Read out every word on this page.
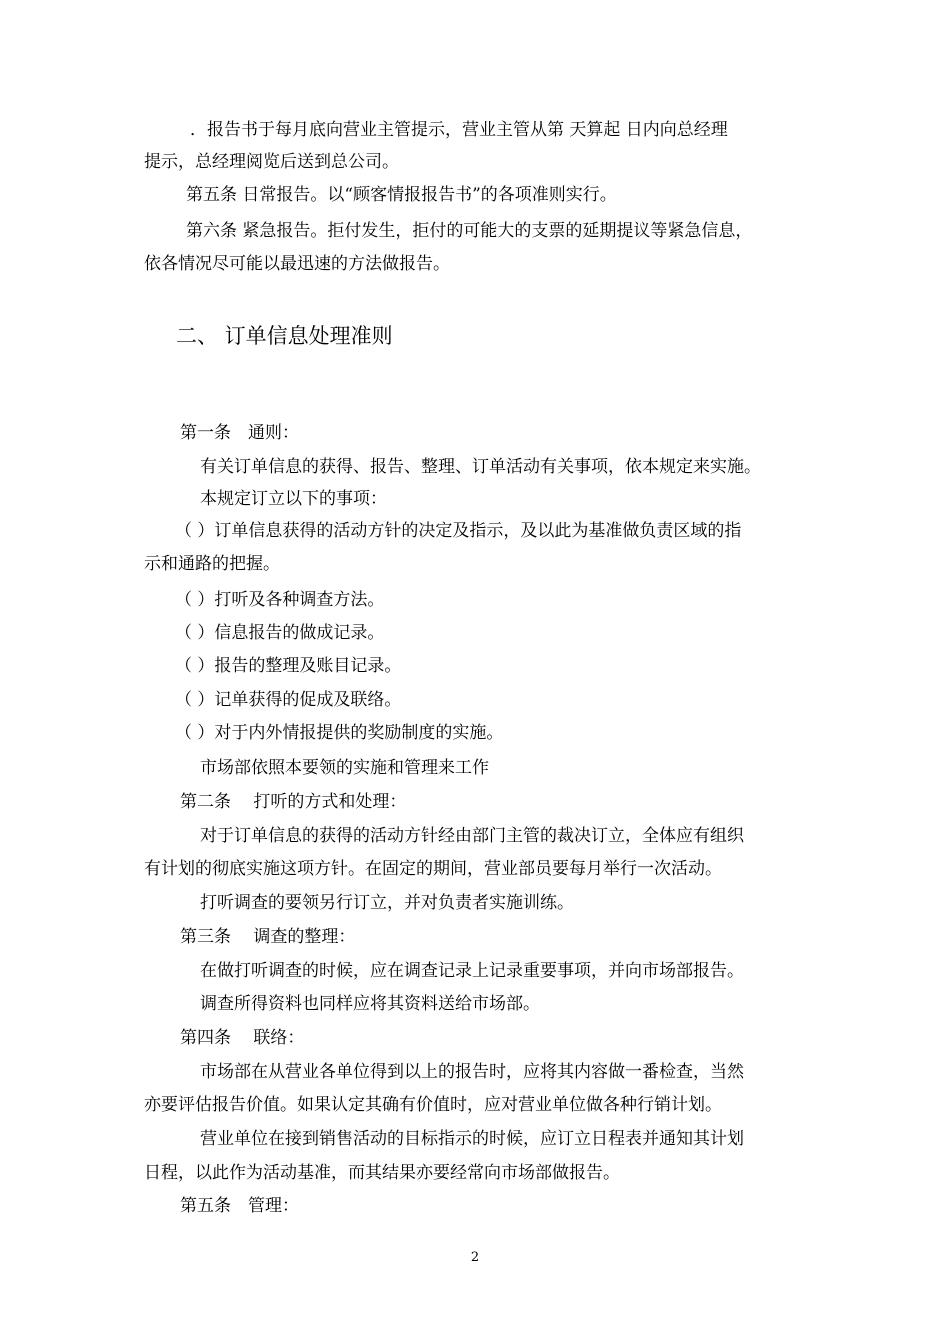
．报告书于每月底向营业主管提示，营业主管从第 天算起 日内向总经理
提示，总经理阅览后送到总公司。
第五条 日常报告。以“顾客情报报告书”的各项准则实行。
第六条 紧急报告。拒付发生，拒付的可能大的支票的延期提议等紧急信息，
依各情况尽可能以最迅速的方法做报告。
二、 订单信息处理准则
第一条　通则：
有关订单信息的获得、报告、整理、订单活动有关事项，依本规定来实施。
本规定订立以下的事项：
（ ）订单信息获得的活动方针的决定及指示，及以此为基准做负责区域的指
示和通路的把握。
（ ）打听及各种调查方法。
（ ）信息报告的做成记录。
（ ）报告的整理及账目记录。
（ ）记单获得的促成及联络。
（ ）对于内外情报提供的奖励制度的实施。
市场部依照本要领的实施和管理来工作
第二条　 打听的方式和处理：
对于订单信息的获得的活动方针经由部门主管的裁决订立，全体应有组织
有计划的彻底实施这项方针。在固定的期间，营业部员要每月举行一次活动。
打听调查的要领另行订立，并对负责者实施训练。
第三条　 调查的整理：
在做打听调查的时候，应在调查记录上记录重要事项，并向市场部报告。
调查所得资料也同样应将其资料送给市场部。
第四条　 联络：
市场部在从营业各单位得到以上的报告时，应将其内容做一番检查，当然
亦要评估报告价值。如果认定其确有价值时，应对营业单位做各种行销计划。
营业单位在接到销售活动的目标指示的时候，应订立日程表并通知其计划
日程，以此作为活动基准，而其结果亦要经常向市场部做报告。
第五条　管理：
2
